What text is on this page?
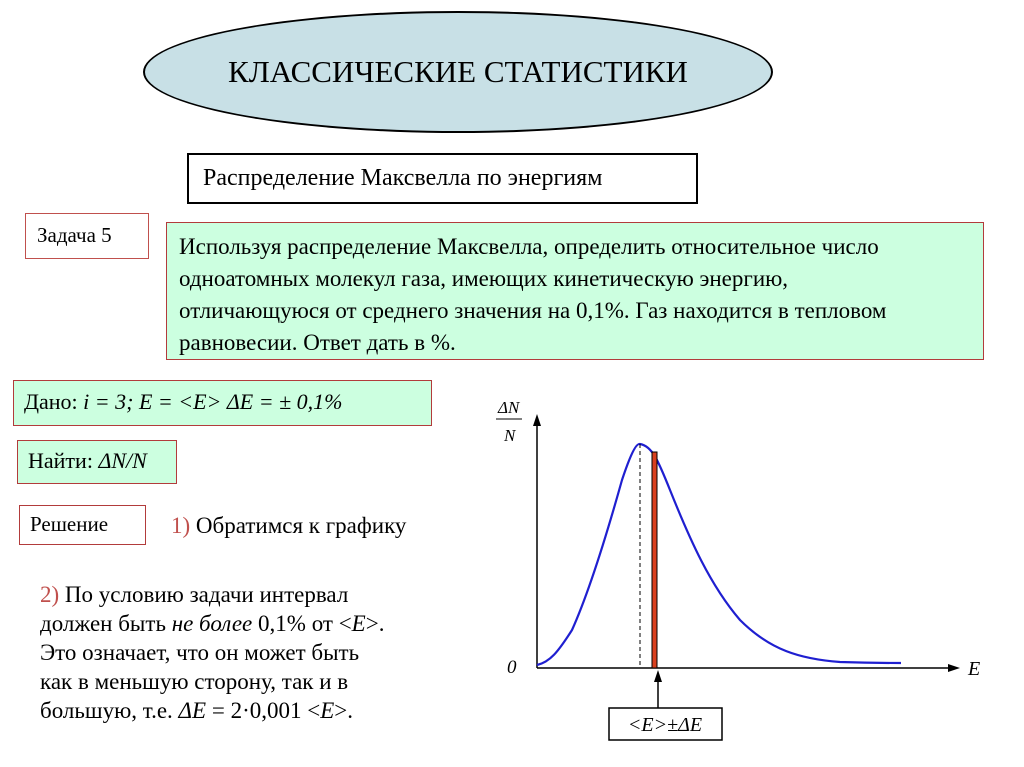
КЛАССИЧЕСКИЕ СТАТИСТИКИ
Распределение Максвелла по энергиям
Задача 5	Используя распределение Максвелла, определить относительное число
одноатомных молекул газа, имеющих кинетическую энергию,
отличающуюся от среднего значения на 0,1%. Газ находится в тепловом
равновесии. Ответ дать в %.
Дано: i = 3; E = <E> ΔE = ± 0,1%
Найти: ΔN/N
Решение	1) Обратимся к графику
2) По условию задачи интервал
должен быть не более 0,1% от <E>.
Это означает, что он может быть
как в меньшую сторону, так и в
большую, т.е. ΔE = 2·0,001 <E>.
ΔN
N
0	E
<E>±ΔE
